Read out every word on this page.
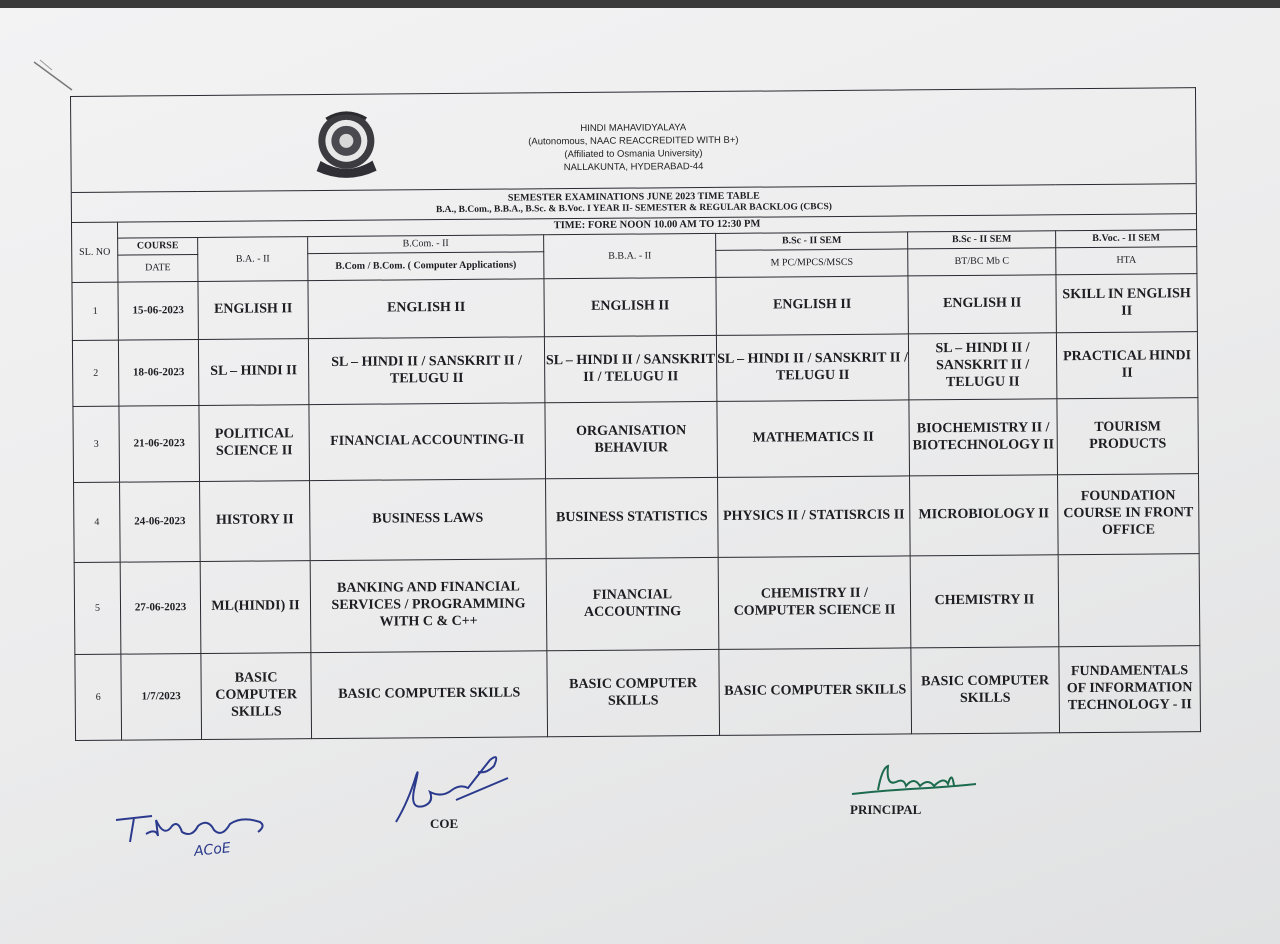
HINDI MAHAVIDYALAYA
(Autonomous, NAAC REACCREDITED WITH B+)
(Affiliated to Osmania University)
NALLAKUNTA, HYDERABAD-44							

SEMESTER EXAMINATIONS JUNE 2023 TIME TABLE
B.A., B.Com., B.B.A., B.Sc. & B.Voc. I YEAR II- SEMESTER & REGULAR BACKLOG (CBCS)							

SL. NO	TIME: FORE NOON 10.00 AM TO 12:30 PM						
	COURSE	B.A. - II	B.Com. - II	B.B.A. - II	B.Sc - II SEM	B.Sc - II SEM	B.Voc. - II SEM
	DATE		B.Com / B.Com. ( Computer Applications)		M PC/MPCS/MSCS	BT/BC Mb C	HTA
1	15-06-2023	ENGLISH II	ENGLISH II	ENGLISH II	ENGLISH II	ENGLISH II	SKILL IN ENGLISH II
2	18-06-2023	SL – HINDI II	SL – HINDI II / SANSKRIT II / TELUGU II	SL – HINDI II / SANSKRIT II / TELUGU II	SL – HINDI II / SANSKRIT II / TELUGU II	SL – HINDI II / SANSKRIT II / TELUGU II	PRACTICAL HINDI II
3	21-06-2023	POLITICAL SCIENCE II	FINANCIAL ACCOUNTING-II	ORGANISATION BEHAVIUR	MATHEMATICS II	BIOCHEMISTRY II / BIOTECHNOLOGY II	TOURISM PRODUCTS
4	24-06-2023	HISTORY II	BUSINESS LAWS	BUSINESS STATISTICS	PHYSICS II / STATISRCIS II	MICROBIOLOGY II	FOUNDATION COURSE IN FRONT OFFICE
5	27-06-2023	ML(HINDI) II	BANKING AND FINANCIAL SERVICES / PROGRAMMING WITH C & C++	FINANCIAL ACCOUNTING	CHEMISTRY II / COMPUTER SCIENCE II	CHEMISTRY II	
6	1/7/2023	BASIC COMPUTER SKILLS	BASIC COMPUTER SKILLS	BASIC COMPUTER SKILLS	BASIC COMPUTER SKILLS	BASIC COMPUTER SKILLS	FUNDAMENTALS OF INFORMATION TECHNOLOGY - II
ACoE
COE
PRINCIPAL
